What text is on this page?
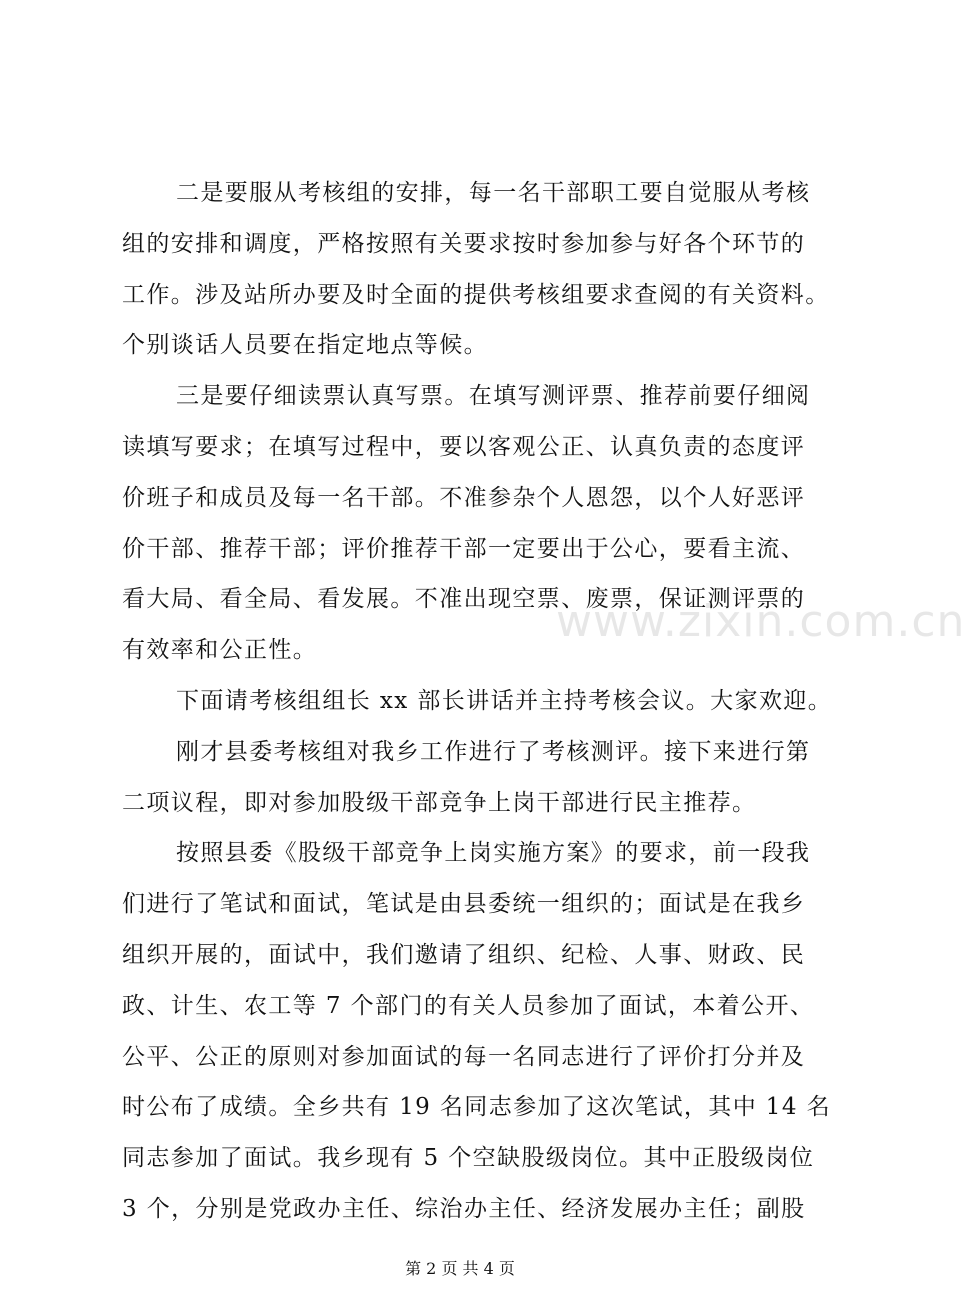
二是要服从考核组的安排，每一名干部职工要自觉服从考核
组的安排和调度，严格按照有关要求按时参加参与好各个环节的
工作。涉及站所办要及时全面的提供考核组要求查阅的有关资料。
个别谈话人员要在指定地点等候。
三是要仔细读票认真写票。在填写测评票、推荐前要仔细阅
读填写要求；在填写过程中，要以客观公正、认真负责的态度评
价班子和成员及每一名干部。不准参杂个人恩怨，以个人好恶评
价干部、推荐干部；评价推荐干部一定要出于公心，要看主流、
看大局、看全局、看发展。不准出现空票、废票，保证测评票的
有效率和公正性。
下面请考核组组长 xx 部长讲话并主持考核会议。大家欢迎。
刚才县委考核组对我乡工作进行了考核测评。接下来进行第
二项议程，即对参加股级干部竞争上岗干部进行民主推荐。
按照县委《股级干部竞争上岗实施方案》的要求，前一段我
们进行了笔试和面试，笔试是由县委统一组织的；面试是在我乡
组织开展的，面试中，我们邀请了组织、纪检、人事、财政、民
政、计生、农工等 7 个部门的有关人员参加了面试，本着公开、
公平、公正的原则对参加面试的每一名同志进行了评价打分并及
时公布了成绩。全乡共有 19 名同志参加了这次笔试，其中 14 名
同志参加了面试。我乡现有 5 个空缺股级岗位。其中正股级岗位
3 个，分别是党政办主任、综治办主任、经济发展办主任；副股
www.zixin.com.cn
第 2 页 共 4 页
